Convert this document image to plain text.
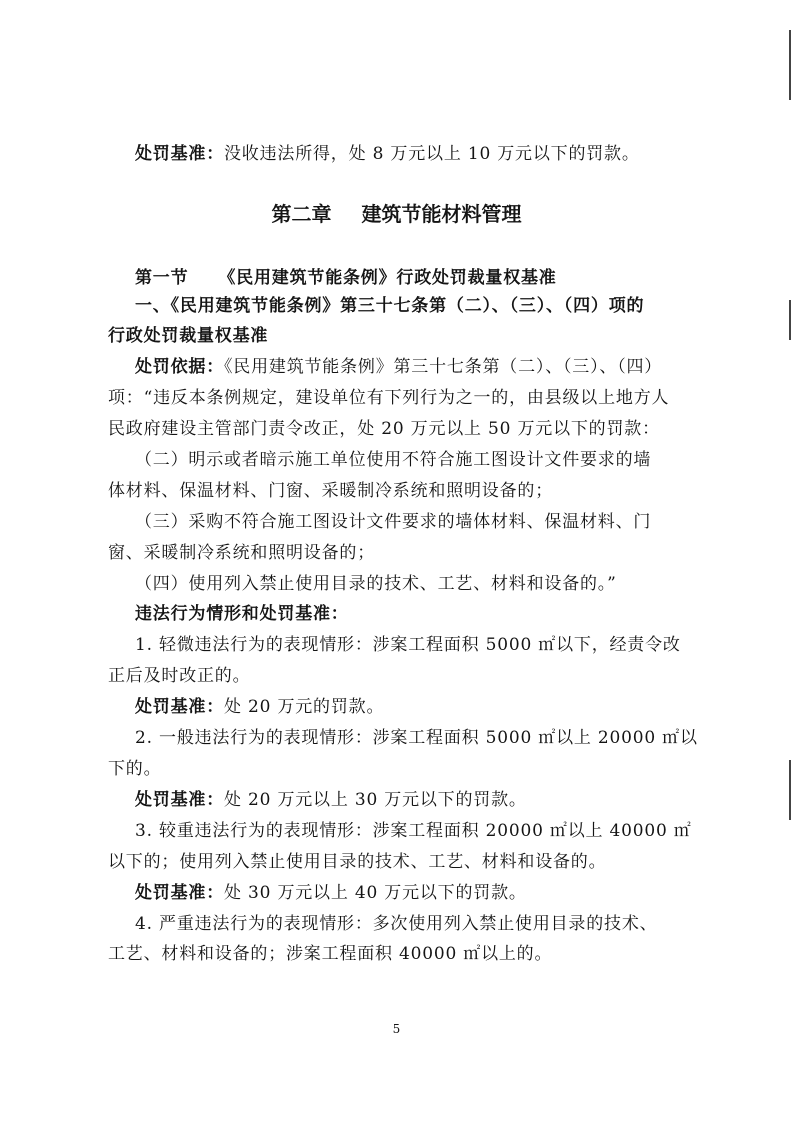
处罚基准：没收违法所得，处 8 万元以上 10 万元以下的罚款。
第二章 建筑节能材料管理
第一节 《民用建筑节能条例》行政处罚裁量权基准
一、《民用建筑节能条例》第三十七条第（二）、（三）、（四）项的
行政处罚裁量权基准
处罚依据：《民用建筑节能条例》第三十七条第（二）、（三）、（四）
项：“违反本条例规定，建设单位有下列行为之一的，由县级以上地方人
民政府建设主管部门责令改正，处 20 万元以上 50 万元以下的罚款：
（二）明示或者暗示施工单位使用不符合施工图设计文件要求的墙
体材料、保温材料、门窗、采暖制冷系统和照明设备的；
（三）采购不符合施工图设计文件要求的墙体材料、保温材料、门
窗、采暖制冷系统和照明设备的；
（四）使用列入禁止使用目录的技术、工艺、材料和设备的。”
违法行为情形和处罚基准：
1. 轻微违法行为的表现情形：涉案工程面积 5000 ㎡以下，经责令改
正后及时改正的。
处罚基准：处 20 万元的罚款。
2. 一般违法行为的表现情形：涉案工程面积 5000 ㎡以上 20000 ㎡以
下的。
处罚基准：处 20 万元以上 30 万元以下的罚款。
3. 较重违法行为的表现情形：涉案工程面积 20000 ㎡以上 40000 ㎡
以下的；使用列入禁止使用目录的技术、工艺、材料和设备的。
处罚基准：处 30 万元以上 40 万元以下的罚款。
4. 严重违法行为的表现情形：多次使用列入禁止使用目录的技术、
工艺、材料和设备的；涉案工程面积 40000 ㎡以上的。
5
